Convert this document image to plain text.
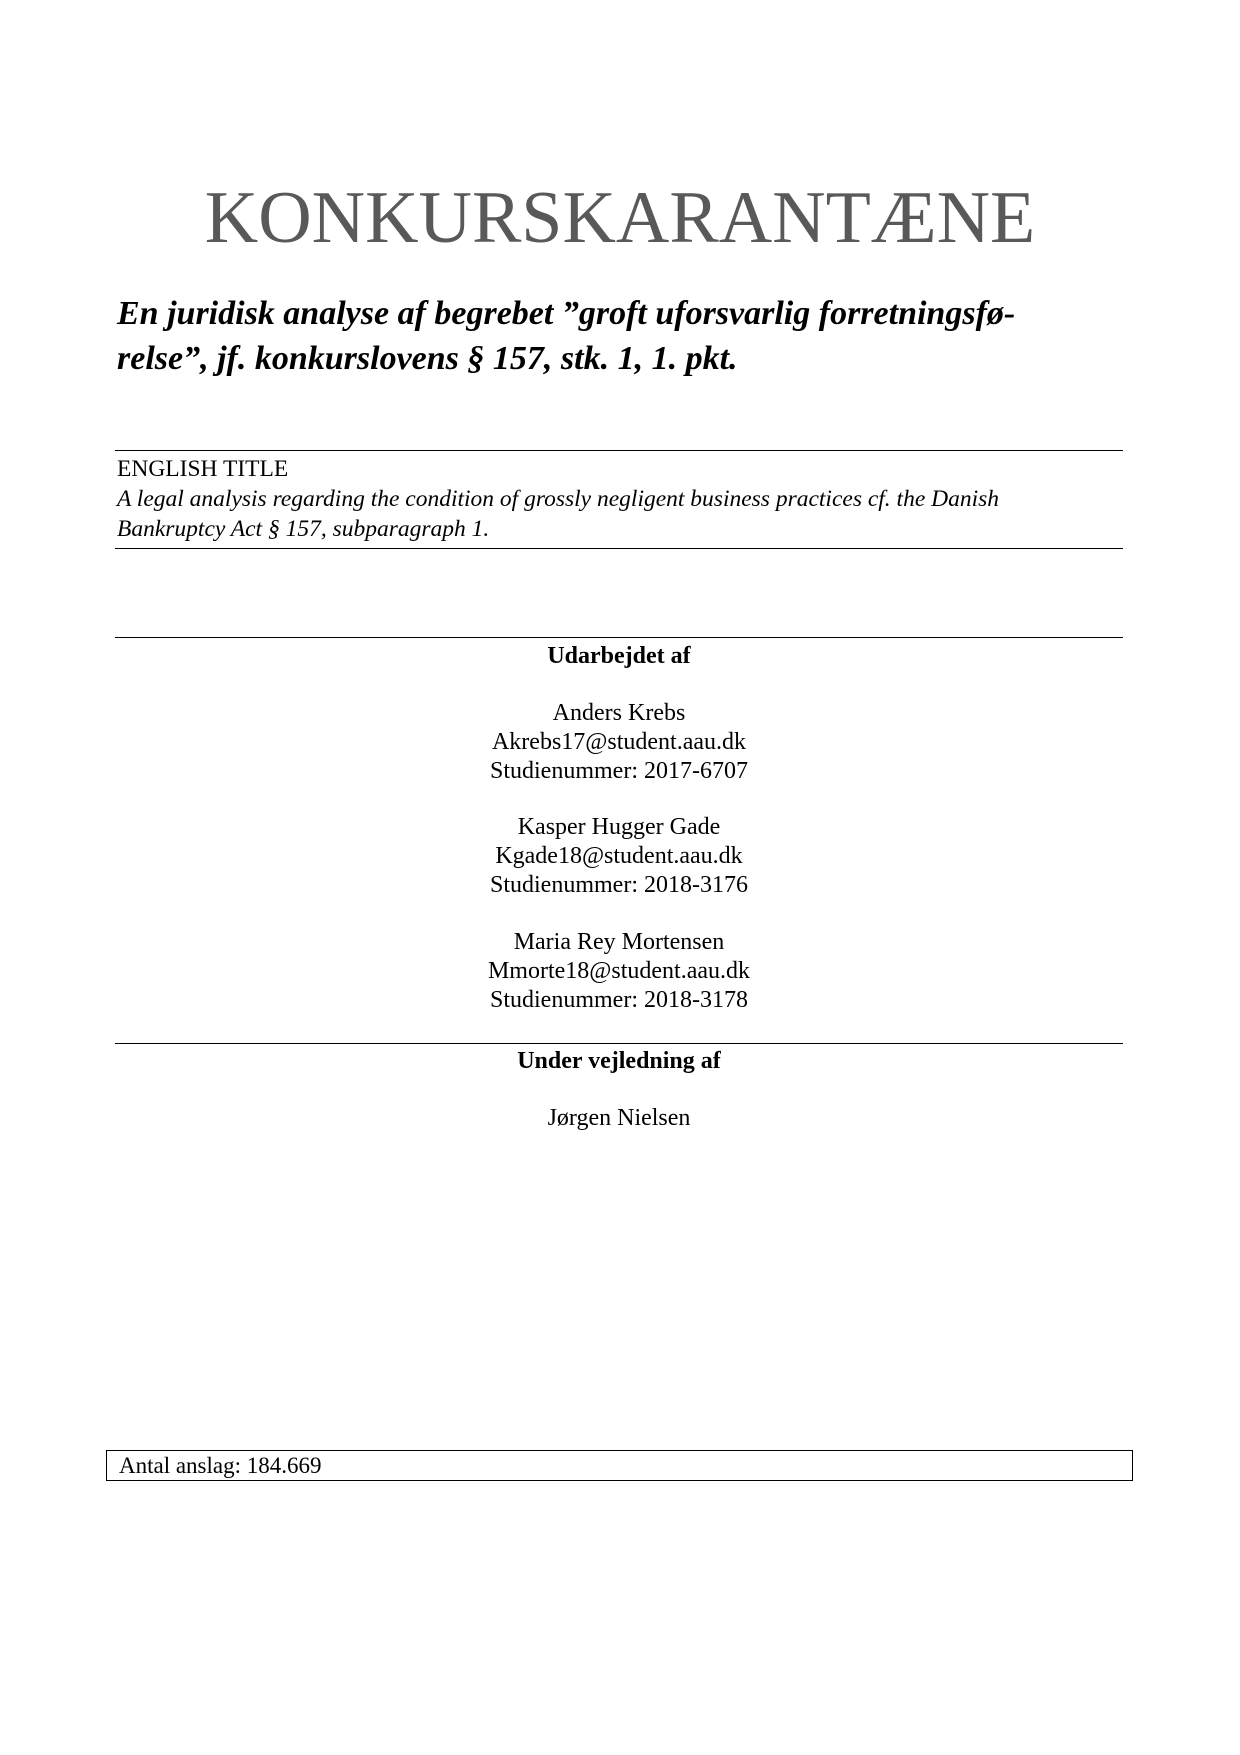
KONKURSKARANTÆNE
En juridisk analyse af begrebet ”groft uforsvarlig forretningsfø-
relse”, jf. konkurslovens § 157, stk. 1, 1. pkt.
ENGLISH TITLE
A legal analysis regarding the condition of grossly negligent business practices cf. the Danish
Bankruptcy Act § 157, subparagraph 1.
Udarbejdet af
Anders Krebs
Akrebs17@student.aau.dk
Studienummer: 2017-6707
Kasper Hugger Gade
Kgade18@student.aau.dk
Studienummer: 2018-3176
Maria Rey Mortensen
Mmorte18@student.aau.dk
Studienummer: 2018-3178
Under vejledning af
Jørgen Nielsen
Antal anslag: 184.669
